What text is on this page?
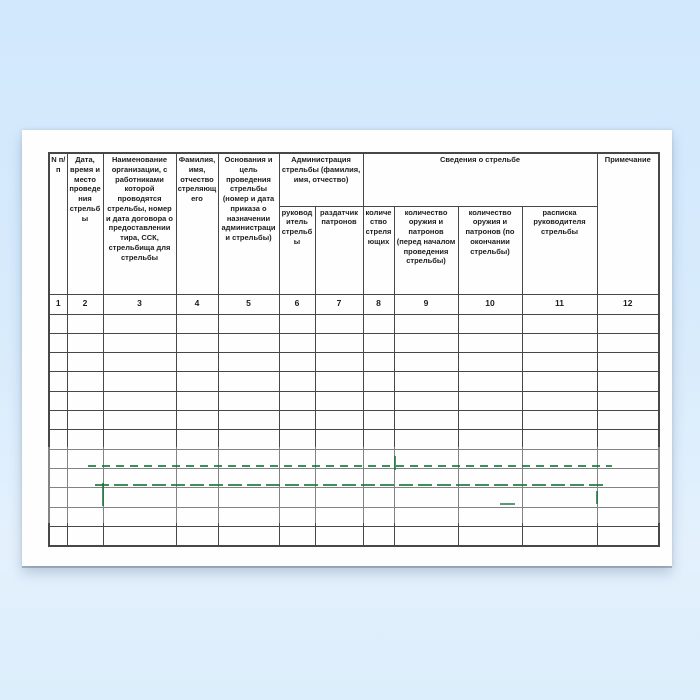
N п/п	Дата, время и место проведения стрельбы	Наименование организации, с работниками которой проводятся стрельбы, номер и дата договора о предоставлении тира, ССК, стрельбища для стрельбы	Фамилия, имя, отчество стреляющего	Основания и цель проведения стрельбы (номер и дата приказа о назначении администрации стрельбы)	Администрация стрельбы (фамилия, имя, отчество)		Сведения о стрельбе				Примечание
					руководитель стрельбы	раздатчик патронов	количество стреляющих	количество оружия и патронов (перед началом проведения стрельбы)	количество оружия и патронов (по окончании стрельбы)	расписка руководителя стрельбы	
1	2	3	4	5	6	7	8	9	10	11	12
